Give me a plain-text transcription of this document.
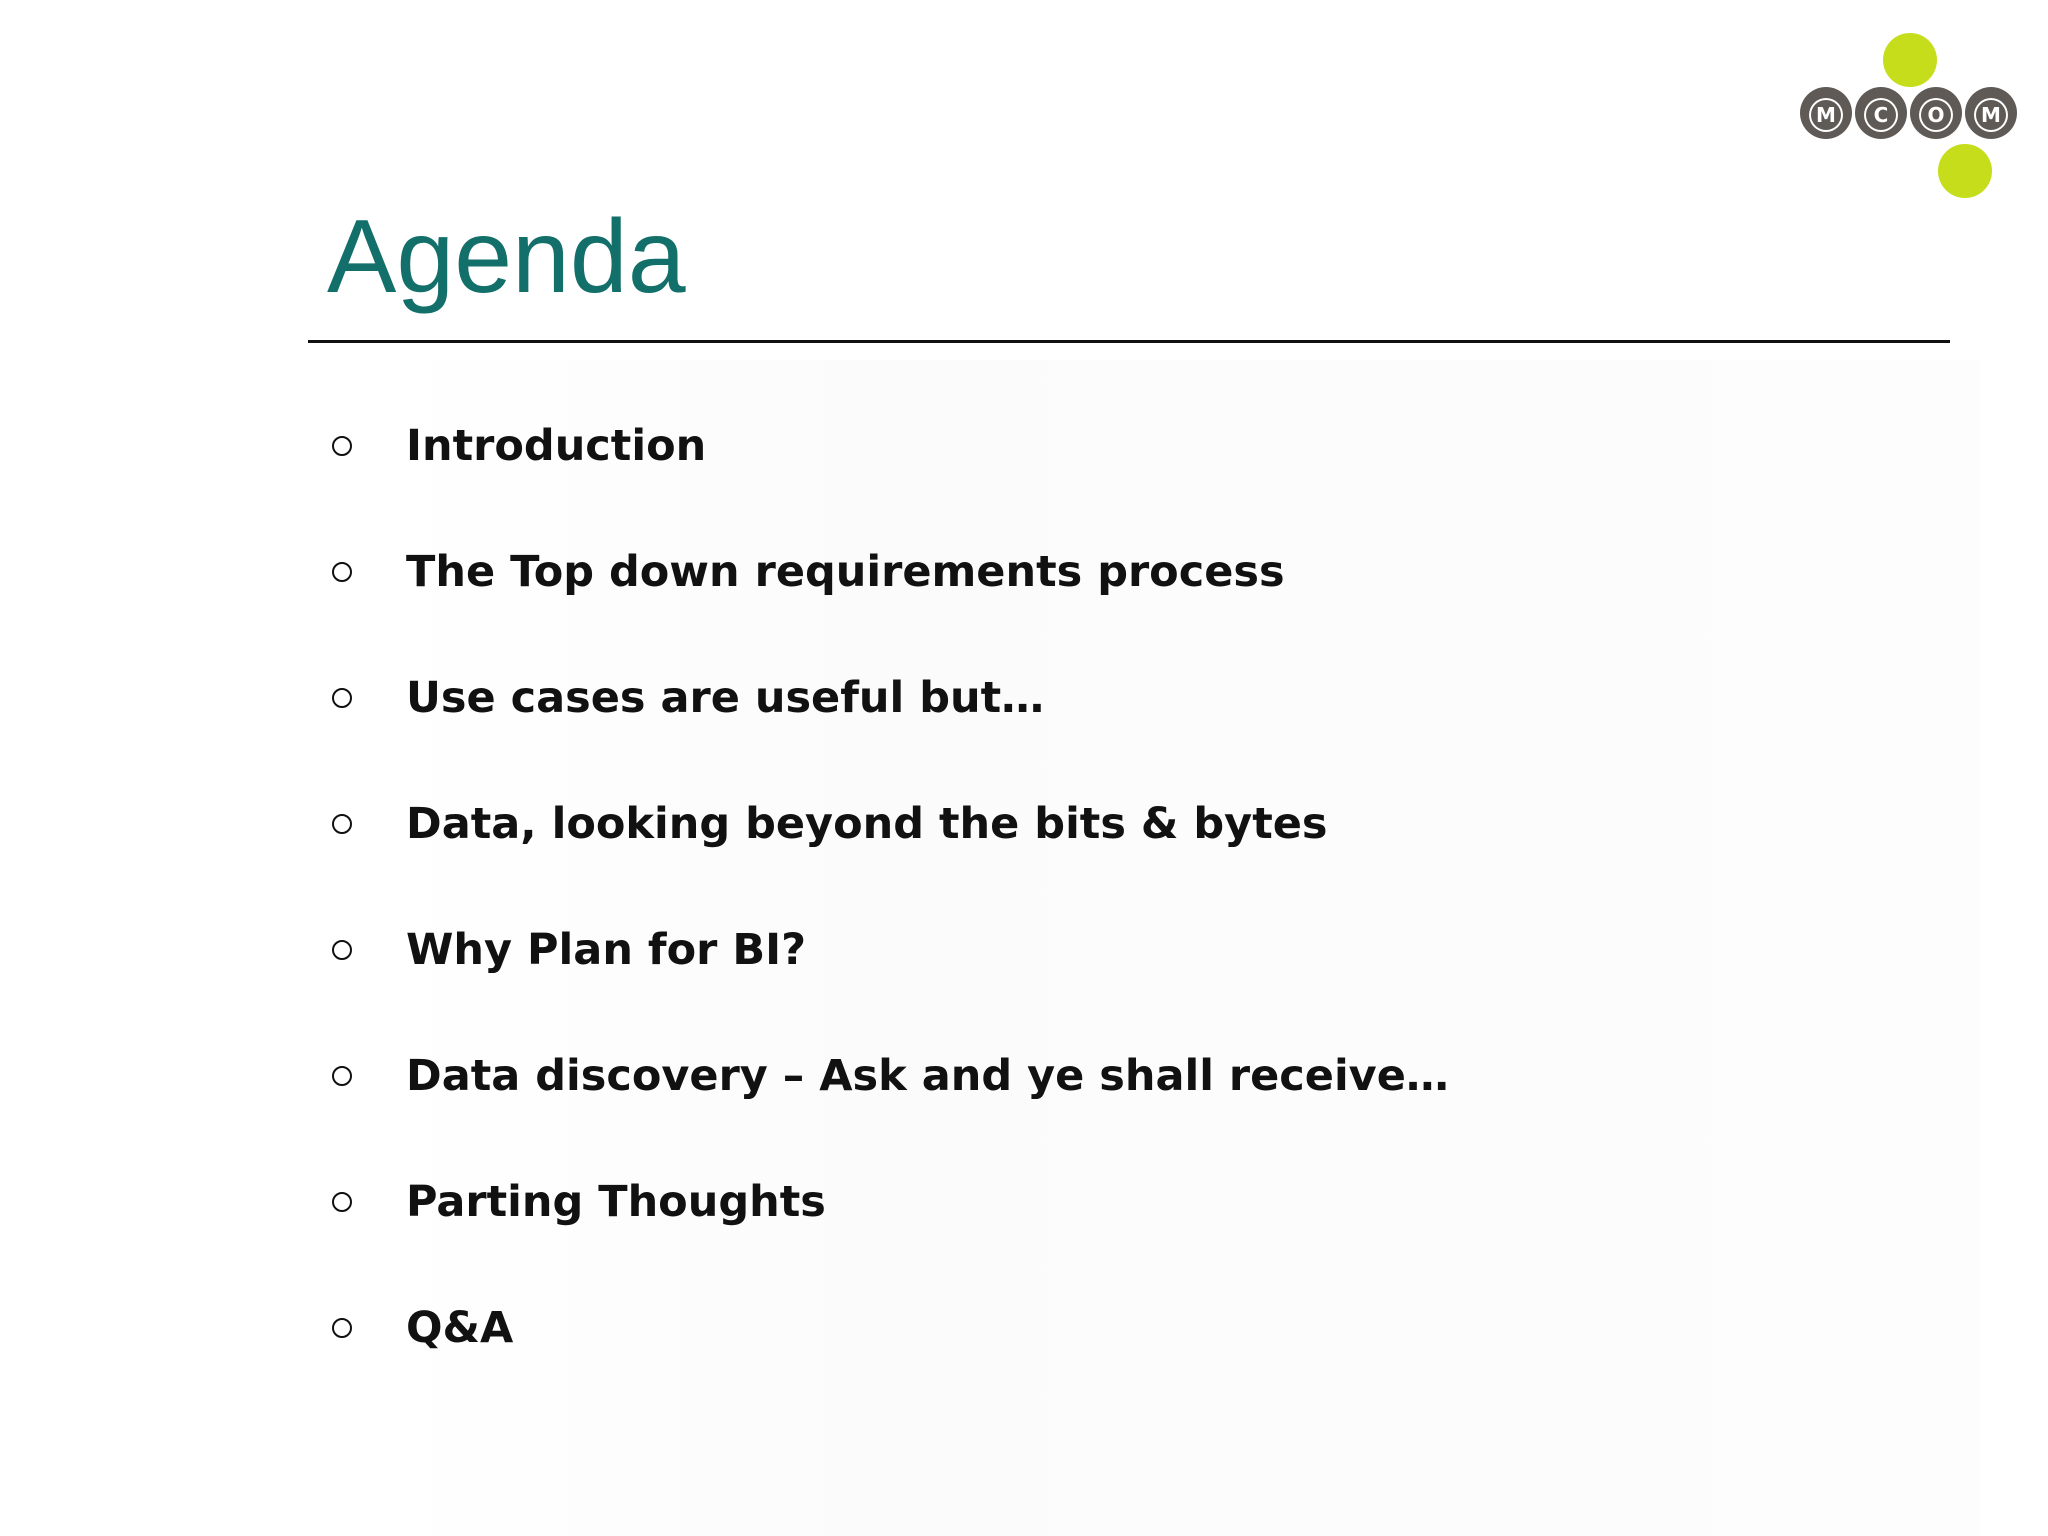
M	C	O	M
Agenda
Introduction
The Top down requirements process
Use cases are useful but…
Data, looking beyond the bits & bytes
Why Plan for BI?
Data discovery – Ask and ye shall receive…
Parting Thoughts
Q&A
